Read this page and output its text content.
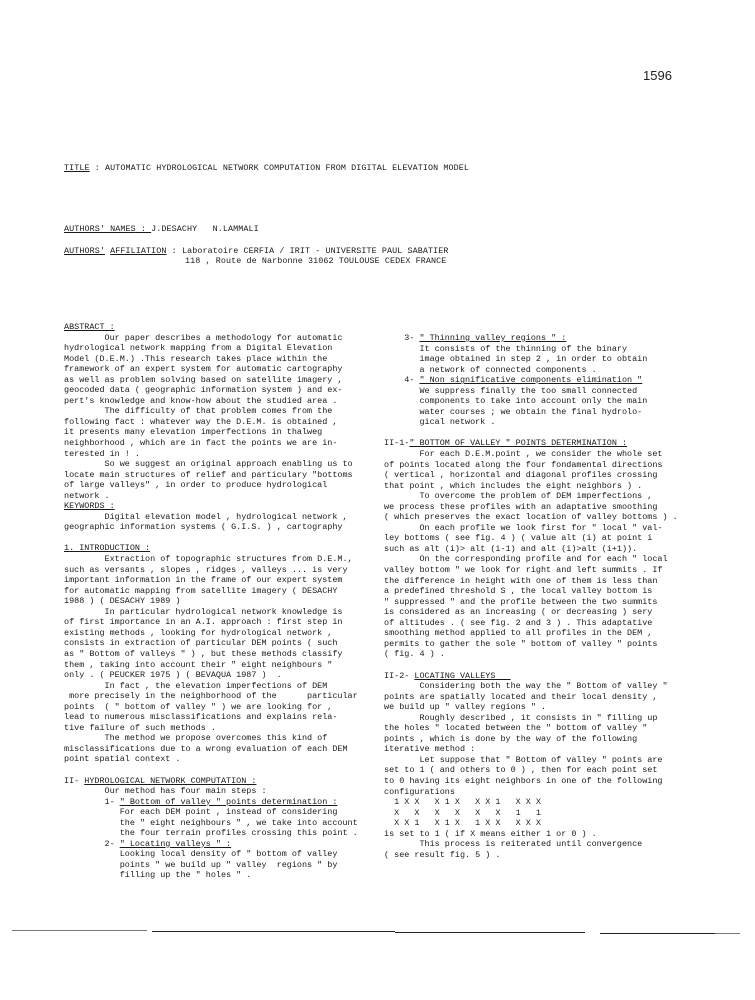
1596
TITLE : AUTOMATIC HYDROLOGICAL NETWORK COMPUTATION FROM DIGITAL ELEVATION MODEL
AUTHORS' NAMES : J.DESACHY   N.LAMMALI
AUTHORS' AFFILIATION : Laboratoire CERFIA / IRIT - UNIVERSITE PAUL SABATIER
118 , Route de Narbonne 31062 TOULOUSE CEDEX FRANCE
ABSTRACT :
Our paper describes a methodology for automatic
hydrological network mapping from a Digital Elevation
Model (D.E.M.) .This research takes place within the
framework of an expert system for automatic cartography
as well as problem solving based on satellite imagery ,
geocoded data ( geographic information system ) and ex-
pert's knowledge and know-how about the studied area .
The difficulty of that problem comes from the
following fact : whatever way the D.E.M. is obtained ,
it presents many elevation imperfections in thalweg
neighborhood , which are in fact the points we are in-
terested in ! .
So we suggest an original approach enabling us to
locate main structures of relief and particulary "bottoms
of large valleys" , in order to produce hydrological
network .
KEYWORDS :
Digital elevation model , hydrological network ,
geographic information systems ( G.I.S. ) , cartography
1. INTRODUCTION :
Extraction of topographic structures from D.E.M.,
such as versants , slopes , ridges , valleys ... is very
important information in the frame of our expert system
for automatic mapping from satellite imagery ( DESACHY
1988 ) ( DESACHY 1989 )
In particular hydrological network knowledge is
of first importance in an A.I. approach : first step in
existing methods , looking for hydrological network ,
consists in extraction of particular DEM points ( such
as " Bottom of valleys " ) , but these methods classify
them , taking into account their " eight neighbours "
only . ( PEUCKER 1975 ) ( BEVAQUA 1987 )  .
In fact , the elevation imperfections of DEM
more precisely in the neighborhood of the      particular
points  ( " bottom of valley " ) we are looking for ,
lead to numerous misclassifications and explains rela-
tive failure of such methods .
The method we propose overcomes this kind of
misclassifications due to a wrong evaluation of each DEM
point spatial context .
II- HYDROLOGICAL NETWORK COMPUTATION :
Our method has four main steps :
1- " Bottom of valley " points determination :
For each DEM point , instead of considering
the " eight neighbours " , we take into account
the four terrain profiles crossing this point .
2- " Locating valleys " :
Looking local density of " bottom of valley
points " we build up " valley  regions " by
filling up the " holes " .
3- " Thinning valley regions " :
It consists of the thinning of the binary
image obtained in step 2 , in order to obtain
a network of connected components .
4- " Non significative components elimination "
We suppress finally the too small connected
components to take into account only the main
water courses ; we obtain the final hydrolo-
gical network .
II-1-" BOTTOM OF VALLEY " POINTS DETERMINATION :
For each D.E.M.point , we consider the whole set
of points located along the four fondamental directions
( vertical , horizontal and diagonal profiles crossing
that point , which includes the eight neighbors ) .
To overcome the problem of DEM imperfections ,
we process these profiles with an adaptative smoothing
( which preserves the exact location of valley bottoms ) .
On each profile we look first for " local " val-
ley bottoms ( see fig. 4 ) ( value alt (i) at point i
such as alt (i)> alt (i-1) and alt (i)>alt (i+1)).
On the corresponding profile and for each " local
valley bottom " we look for right and left summits . If
the difference in height with one of them is less than
a predefined threshold S , the local valley bottom is
" suppressed " and the profile between the two summits
is considered as an increasing ( or decreasing ) sery
of altitudes . ( see fig. 2 and 3 ) . This adaptative
smoothing method applied to all profiles in the DEM ,
permits to gather the sole " bottom of valley " points
( fig. 4 ) .
II-2- LOCATING VALLEYS
Considering both the way the " Bottom of valley "
points are spatially located and their local density ,
we build up " valley regions " .
Roughly described , it consists in " filling up
the holes " located between the " bottom of valley "
points , which is done by the way of the following
iterative method :
Let suppose that " Bottom of valley " points are
set to 1 ( and others to 0 ) , then for each point set
to 0 having its eight neighbors in one of the following
configurations
1 X X   X 1 X   X X 1   X X X
X   X   X   X   X   X   1   1
X X 1   X 1 X   1 X X   X X X
is set to 1 ( if X means either 1 or 0 ) .
This process is reiterated until convergence
( see result fig. 5 ) .
